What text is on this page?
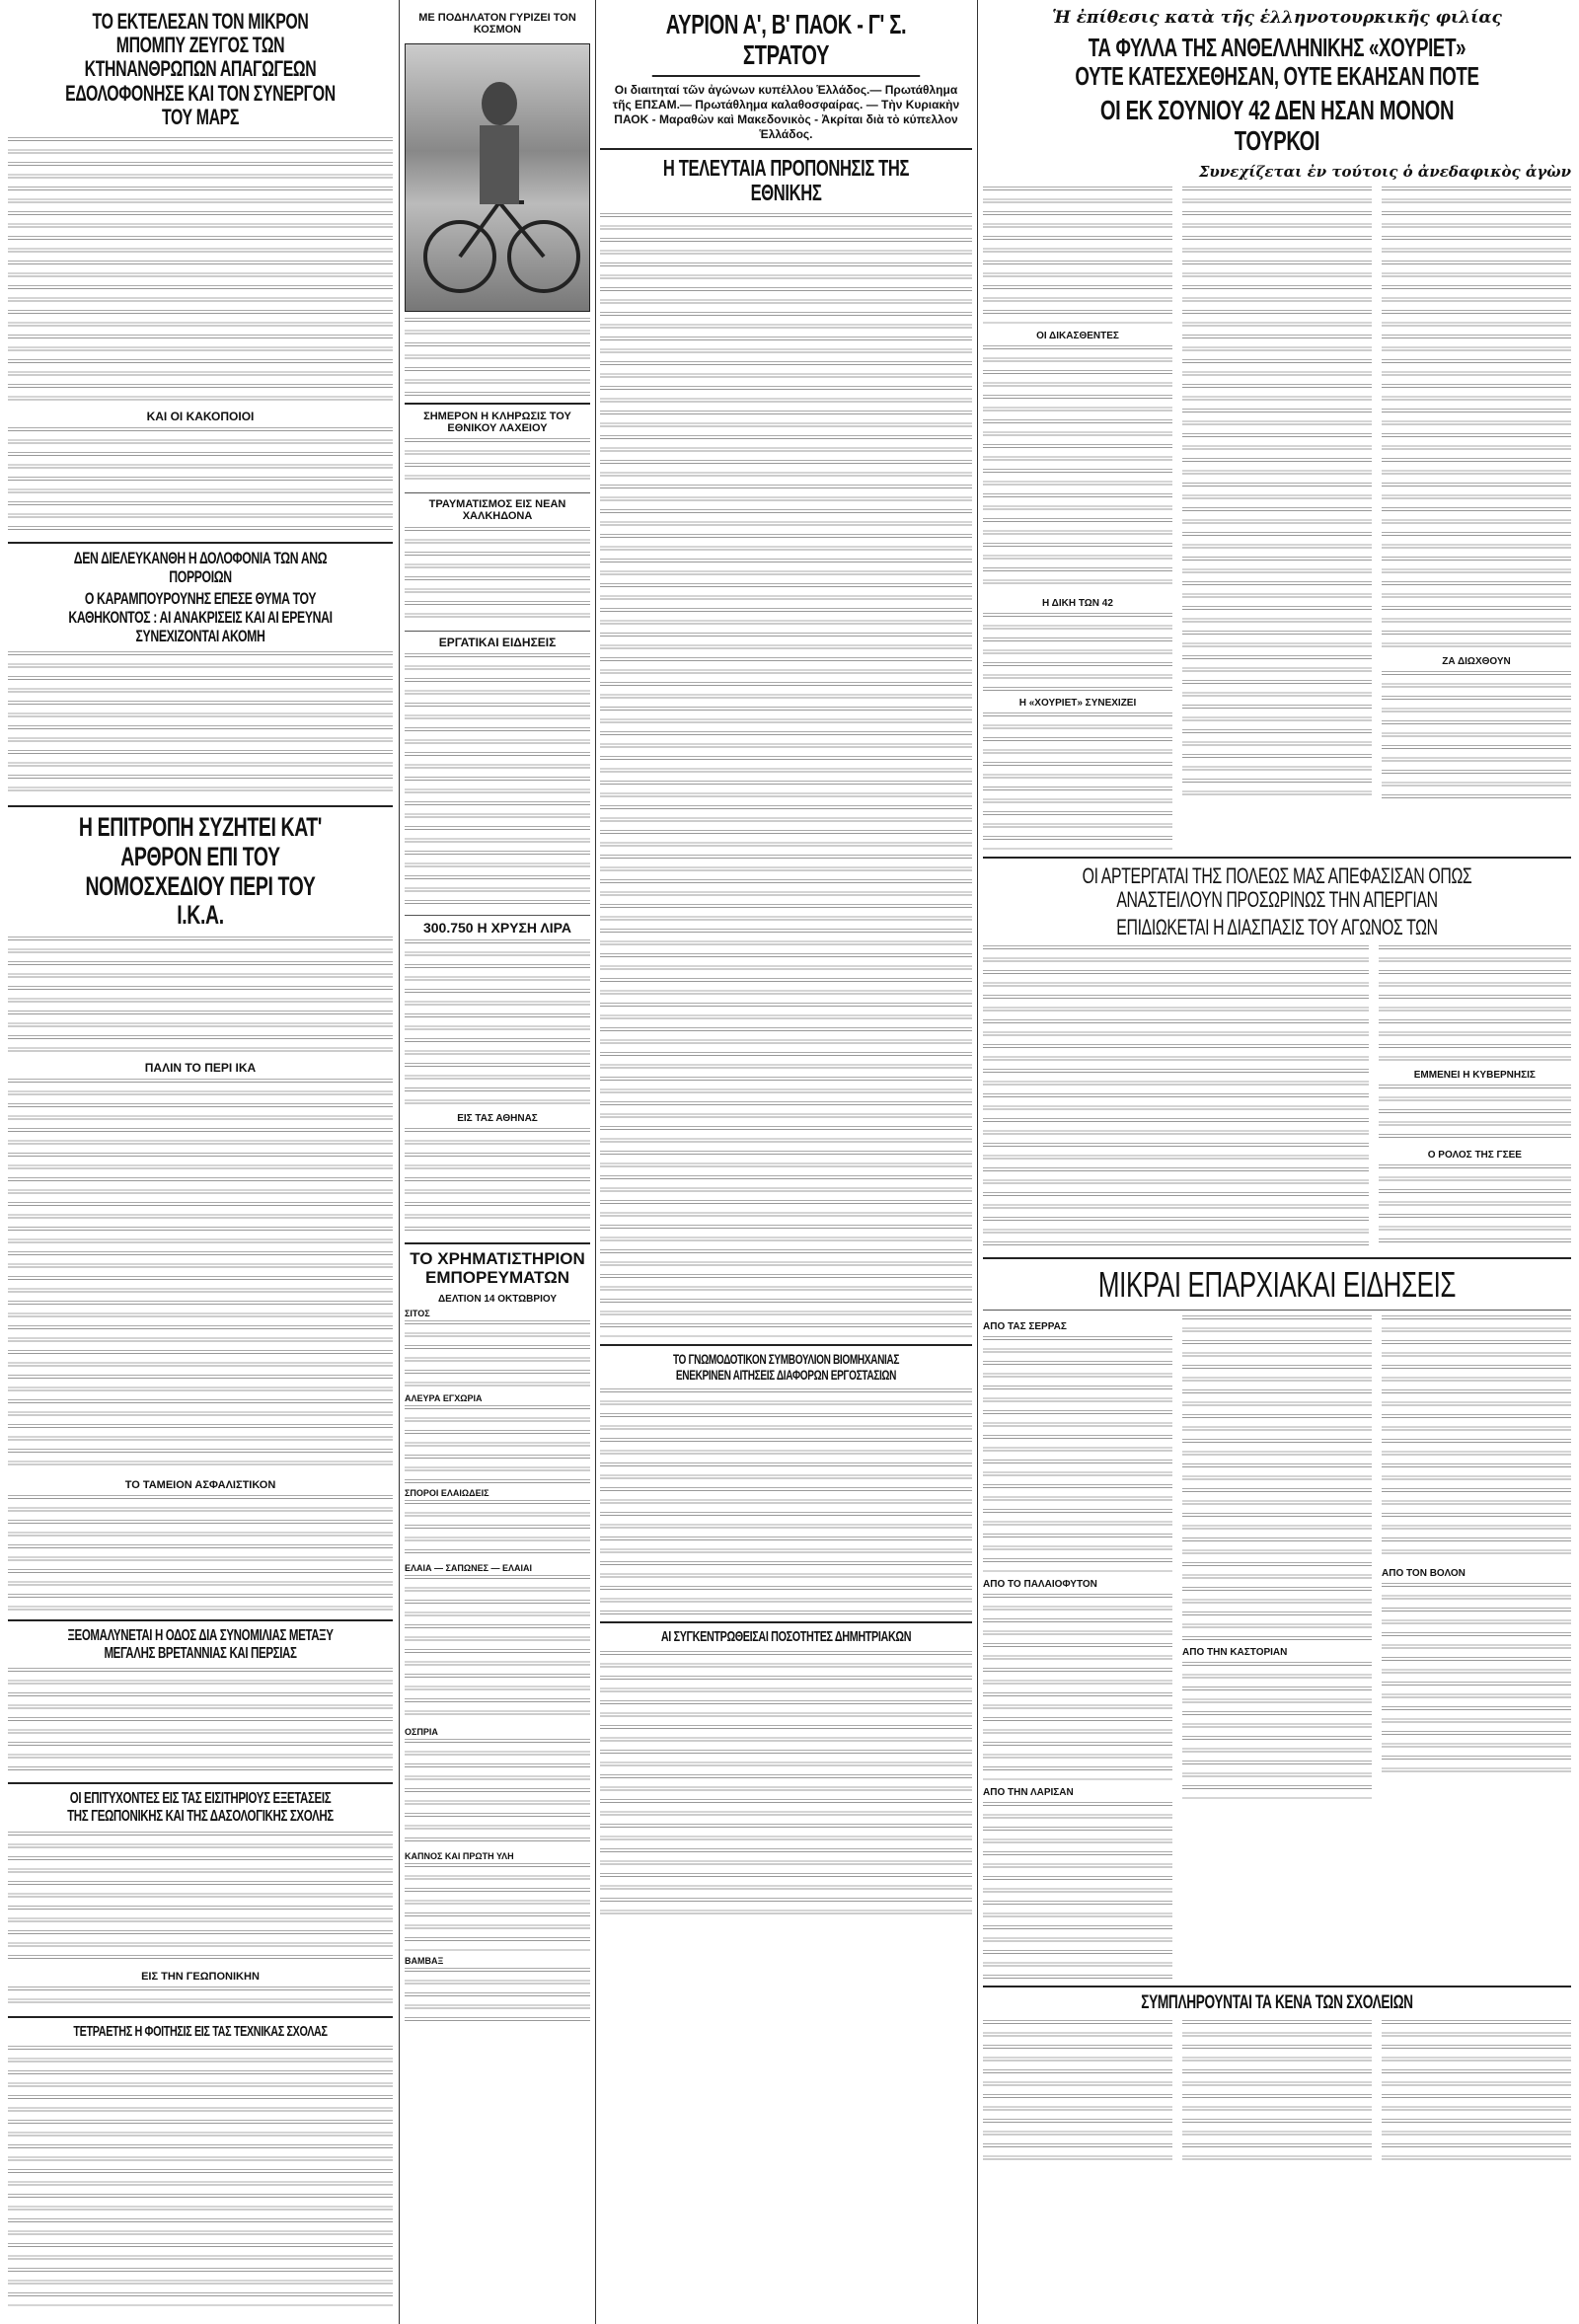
ΤΟ ΕΚΤΕΛΕΣΑΝ ΤΟΝ ΜΙΚΡΟΝ ΜΠΟΜΠΥ ΖΕΥΓΟΣ ΤΩΝ ΚΤΗΝΑΝΘΡΩΠΩΝ ΑΠΑΓΩΓΕΩΝ ΕΔΟΛΟΦΟΝΗΣΕ ΚΑΙ ΤΟΝ ΣΥΝΕΡΓΟΝ ΤΟΥ ΜΑΡΣ
ΚΑΙ ΟΙ ΚΑΚΟΠΟΙΟΙ
ΔΕΝ ΔΙΕΛΕΥΚΑΝΘΗ Η ΔΟΛΟΦΟΝΙΑ ΤΩΝ ΑΝΩ ΠΟΡΡΟΙΩΝ
Ο ΚΑΡΑΜΠΟΥΡΟΥΝΗΣ ΕΠΕΣΕ ΘΥΜΑ ΤΟΥ ΚΑΘΗΚΟΝΤΟΣ : ΑΙ ΑΝΑΚΡΙΣΕΙΣ ΚΑΙ ΑΙ ΕΡΕΥΝΑΙ ΣΥΝΕΧΙΖΟΝΤΑΙ ΑΚΟΜΗ
Η ΕΠΙΤΡΟΠΗ ΣΥΖΗΤΕΙ ΚΑΤ' ΑΡΘΡΟΝ ΕΠΙ ΤΟΥ ΝΟΜΟΣΧΕΔΙΟΥ ΠΕΡΙ ΤΟΥ Ι.Κ.Α.
ΠΑΛΙΝ ΤΟ ΠΕΡΙ ΙΚΑ
ΤΟ ΤΑΜΕΙΟΝ ΑΣΦΑΛΙΣΤΙΚΟΝ
ΞΕΟΜΑΛΥΝΕΤΑΙ Η ΟΔΟΣ ΔΙΑ ΣΥΝΟΜΙΛΙΑΣ ΜΕΤΑΞΥ ΜΕΓΑΛΗΣ ΒΡΕΤΑΝΝΙΑΣ ΚΑΙ ΠΕΡΣΙΑΣ
ΟΙ ΕΠΙΤΥΧΟΝΤΕΣ ΕΙΣ ΤΑΣ ΕΙΣΙΤΗΡΙΟΥΣ ΕΞΕΤΑΣΕΙΣ ΤΗΣ ΓΕΩΠΟΝΙΚΗΣ ΚΑΙ ΤΗΣ ΔΑΣΟΛΟΓΙΚΗΣ ΣΧΟΛΗΣ
ΕΙΣ ΤΗΝ ΓΕΩΠΟΝΙΚΗΝ
ΤΕΤΡΑΕΤΗΣ Η ΦΟΙΤΗΣΙΣ ΕΙΣ ΤΑΣ ΤΕΧΝΙΚΑΣ ΣΧΟΛΑΣ
ΜΕ ΠΟΔΗΛΑΤΟΝ ΓΥΡΙΖΕΙ ΤΟΝ ΚΟΣΜΟΝ
ΣΗΜΕΡΟΝ Η ΚΛΗΡΩΣΙΣ ΤΟΥ ΕΘΝΙΚΟΥ ΛΑΧΕΙΟΥ
ΤΡΑΥΜΑΤΙΣΜΟΣ ΕΙΣ ΝΕΑΝ ΧΑΛΚΗΔΟΝΑ
ΕΡΓΑΤΙΚΑΙ ΕΙΔΗΣΕΙΣ
300.750 Η ΧΡΥΣΗ ΛΙΡΑ
ΕΙΣ ΤΑΣ ΑΘΗΝΑΣ
ΤΟ ΧΡΗΜΑΤΙΣΤΗΡΙΟΝ ΕΜΠΟΡΕΥΜΑΤΩΝ
ΔΕΛΤΙΟΝ 14 ΟΚΤΩΒΡΙΟΥ
ΣΙΤΟΣ
ΑΛΕΥΡΑ ΕΓΧΩΡΙΑ
ΣΠΟΡΟΙ ΕΛΑΙΩΔΕΙΣ
ΕΛΑΙΑ — ΣΑΠΩΝΕΣ — ΕΛΑΙΑΙ
ΟΣΠΡΙΑ
ΚΑΠΝΟΣ ΚΑΙ ΠΡΩΤΗ ΥΛΗ
ΒΑΜΒΑΞ
ΑΥΡΙΟΝ Α', Β' ΠΑΟΚ - Γ' Σ. ΣΤΡΑΤΟΥ
Οι διαιτηταί τῶν ἀγώνων κυπέλλου Ἑλλάδος.— Πρωτάθλημα τῆς ΕΠΣΑΜ.— Πρωτάθλημα καλαθοσφαίρας. — Τὴν Κυριακὴν ΠΑΟΚ - Μαραθὼν καὶ Μακεδονικὸς - Ἀκρίται διὰ τὸ κύπελλον Ἑλλάδος.
Η ΤΕΛΕΥΤΑΙΑ ΠΡΟΠΟΝΗΣΙΣ ΤΗΣ ΕΘΝΙΚΗΣ
ΤΟ ΓΝΩΜΟΔΟΤΙΚΟΝ ΣΥΜΒΟΥΛΙΟΝ ΒΙΟΜΗΧΑΝΙΑΣ ΕΝΕΚΡΙΝΕΝ ΑΙΤΗΣΕΙΣ ΔΙΑΦΟΡΩΝ ΕΡΓΟΣΤΑΣΙΩΝ
ΑΙ ΣΥΓΚΕΝΤΡΩΘΕΙΣΑΙ ΠΟΣΟΤΗΤΕΣ ΔΗΜΗΤΡΙΑΚΩΝ
Ἡ ἐπίθεσις κατὰ τῆς ἑλληνοτουρκικῆς φιλίας
ΤΑ ΦΥΛΛΑ ΤΗΣ ΑΝΘΕΛΛΗΝΙΚΗΣ «ΧΟΥΡΙΕΤ» ΟΥΤΕ ΚΑΤΕΣΧΕΘΗΣΑΝ, ΟΥΤΕ ΕΚΑΗΣΑΝ ΠΟΤΕ
ΟΙ ΕΚ ΣΟΥΝΙΟΥ 42 ΔΕΝ ΗΣΑΝ ΜΟΝΟΝ ΤΟΥΡΚΟΙ
Συνεχίζεται ἐν τούτοις ὁ ἀνεδαφικὸς ἀγὼν
ΟΙ ΔΙΚΑΣΘΕΝΤΕΣ
Η ΔΙΚΗ ΤΩΝ 42
Η «ΧΟΥΡΙΕΤ» ΣΥΝΕΧΙΖΕΙ
ΖΑ ΔΙΩΧΘΟΥΝ
ΟΙ ΑΡΤΕΡΓΑΤΑΙ ΤΗΣ ΠΟΛΕΩΣ ΜΑΣ ΑΠΕΦΑΣΙΣΑΝ ΟΠΩΣ ΑΝΑΣΤΕΙΛΟΥΝ ΠΡΟΣΩΡΙΝΩΣ ΤΗΝ ΑΠΕΡΓΙΑΝ
ΕΠΙΔΙΩΚΕΤΑΙ Η ΔΙΑΣΠΑΣΙΣ ΤΟΥ ΑΓΩΝΟΣ ΤΩΝ
ΕΜΜΕΝΕΙ Η ΚΥΒΕΡΝΗΣΙΣ
Ο ΡΟΛΟΣ ΤΗΣ ΓΣΕΕ
ΜΙΚΡΑΙ ΕΠΑΡΧΙΑΚΑΙ ΕΙΔΗΣΕΙΣ
ΑΠΟ ΤΑΣ ΣΕΡΡΑΣ
ΑΠΟ ΤΟ ΠΑΛΑΙΟΦΥΤΟΝ
ΑΠΟ ΤΗΝ ΛΑΡΙΣΑΝ
ΑΠΟ ΤΗΝ ΚΑΣΤΟΡΙΑΝ
ΑΠΟ ΤΟΝ ΒΟΛΟΝ
ΣΥΜΠΛΗΡΟΥΝΤΑΙ ΤΑ ΚΕΝΑ ΤΩΝ ΣΧΟΛΕΙΩΝ
